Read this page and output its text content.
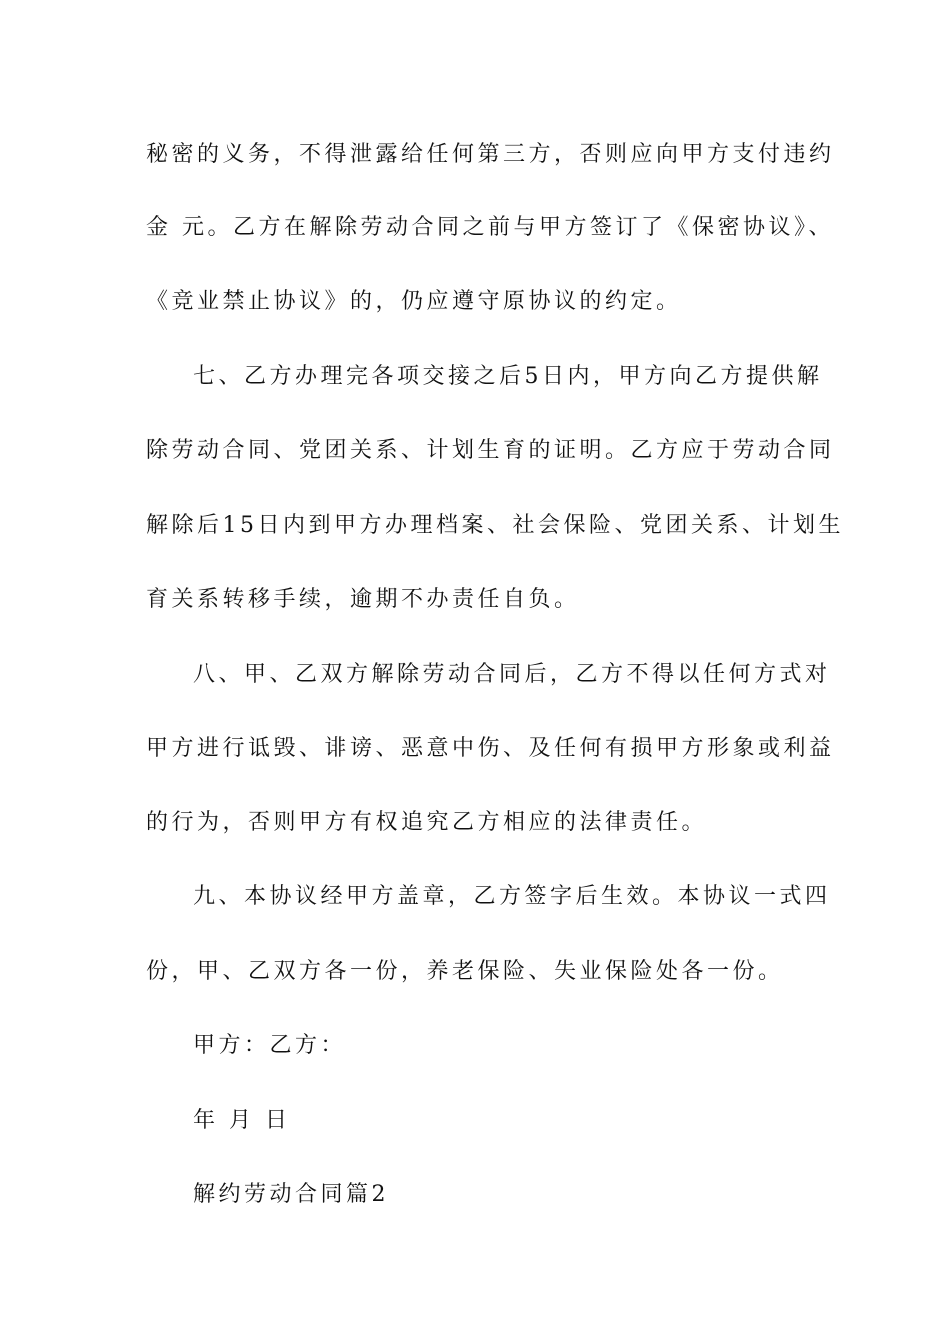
秘密的义务，不得泄露给任何第三方，否则应向甲方支付违约
金 元。乙方在解除劳动合同之前与甲方签订了《保密协议》、
《竞业禁止协议》的，仍应遵守原协议的约定。
七、乙方办理完各项交接之后5日内，甲方向乙方提供解
除劳动合同、党团关系、计划生育的证明。乙方应于劳动合同
解除后15日内到甲方办理档案、社会保险、党团关系、计划生
育关系转移手续，逾期不办责任自负。
八、甲、乙双方解除劳动合同后，乙方不得以任何方式对
甲方进行诋毁、诽谤、恶意中伤、及任何有损甲方形象或利益
的行为，否则甲方有权追究乙方相应的法律责任。
九、本协议经甲方盖章，乙方签字后生效。本协议一式四
份，甲、乙双方各一份，养老保险、失业保险处各一份。
甲方：乙方：
年 月 日
解约劳动合同篇2
